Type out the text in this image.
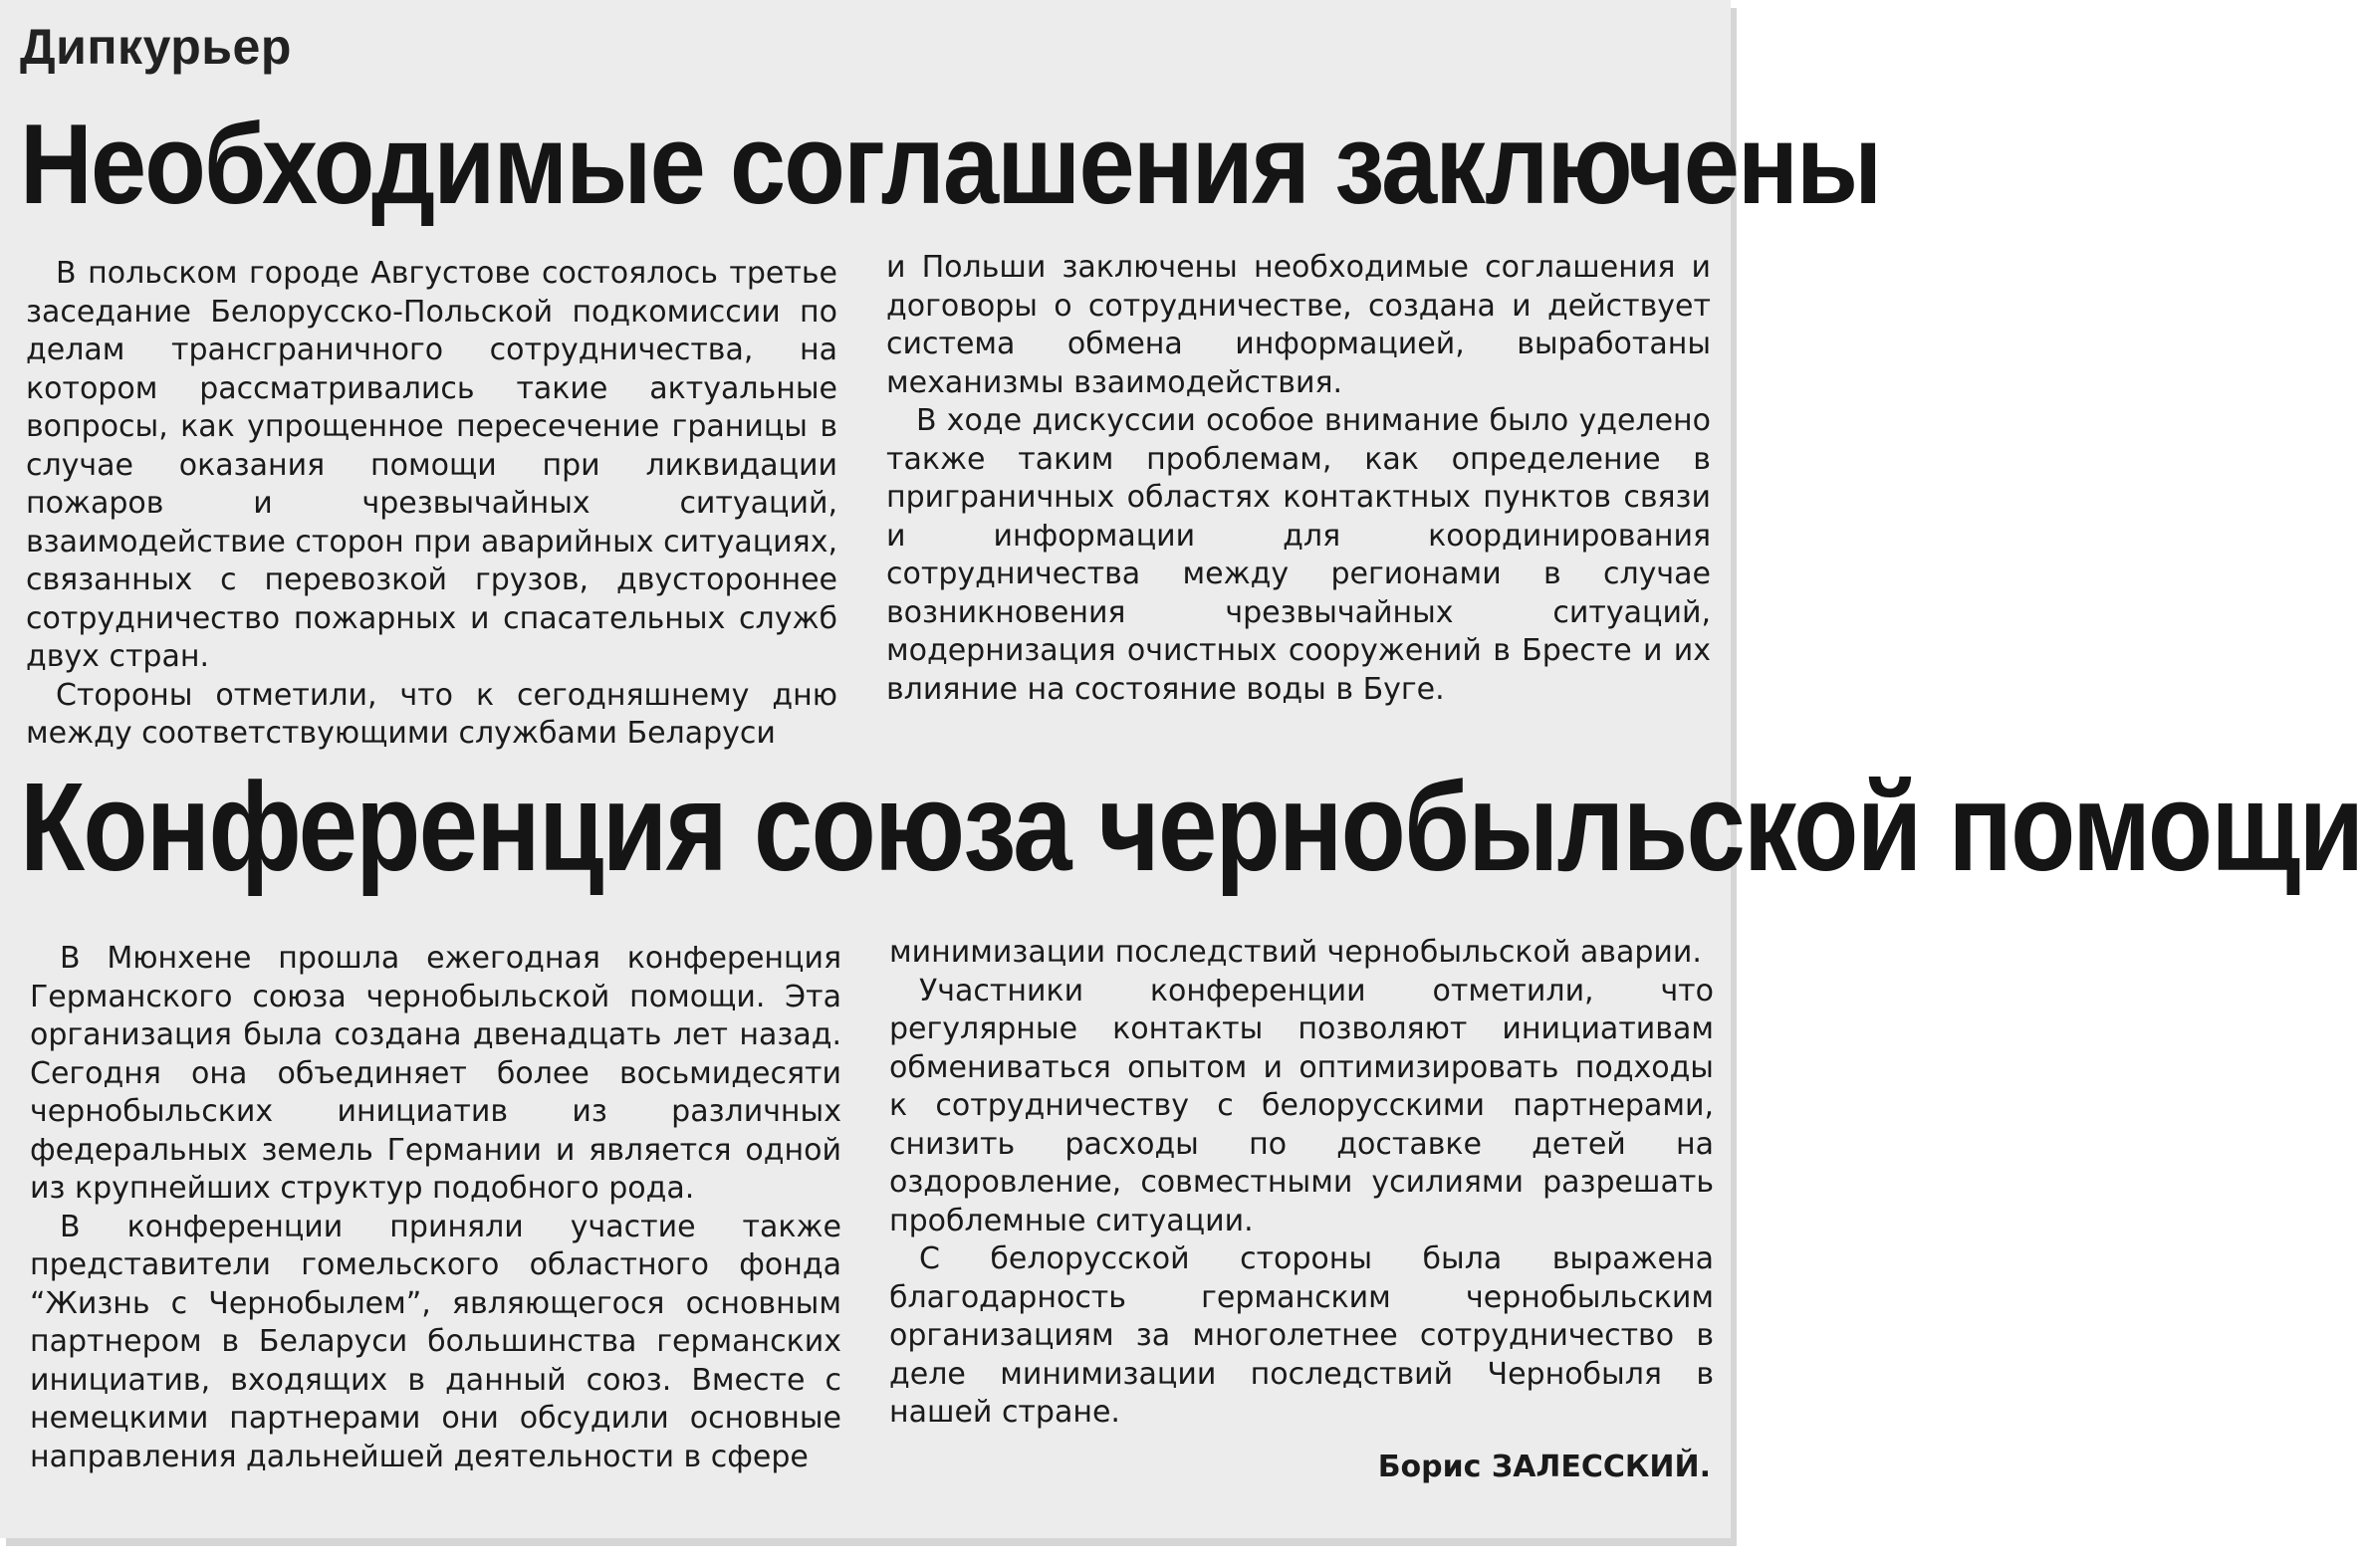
Дипкурьер
Необходимые соглашения заключены

В польском городе Августове состоялось третье заседание Белорусско-Польской подкомиссии по делам трансграничного сотрудничества, на котором рассматривались такие актуальные вопросы, как упрощенное пересечение границы в случае оказания помощи при ликвидации пожаров и чрезвычайных ситуаций, взаимодействие сторон при аварийных ситуациях, связанных с перевозкой грузов, двустороннее сотрудничество пожарных и спасательных служб двух стран.

Стороны отметили, что к сегодняшнему дню между соответствующими службами Беларуси

и Польши заключены необходимые соглашения и договоры о сотрудничестве, создана и действует система обмена информацией, выработаны механизмы взаимодействия.

В ходе дискуссии особое внимание было уделено также таким проблемам, как определение в приграничных областях контактных пунктов связи и информации для координирования сотрудничества между регионами в случае возникновения чрезвычайных ситуаций, модернизация очистных сооружений в Бресте и их влияние на состояние воды в Буге.

Конференция союза чернобыльской помощи

В Мюнхене прошла ежегодная конференция Германского союза чернобыльской помощи. Эта организация была создана двенадцать лет назад. Сегодня она объединяет более восьмидесяти чернобыльских инициатив из различных федеральных земель Германии и является одной из крупнейших структур подобного рода.

В конференции приняли участие также представители гомельского областного фонда “Жизнь с Чернобылем”, являющегося основным партнером в Беларуси большинства германских инициатив, входящих в данный союз. Вместе с немецкими партнерами они обсудили основные направления дальнейшей деятельности в сфере

минимизации последствий чернобыльской аварии.

Участники конференции отметили, что регулярные контакты позволяют инициативам обмениваться опытом и оптимизировать подходы к сотрудничеству с белорусскими партнерами, снизить расходы по доставке детей на оздоровление, совместными усилиями разрешать проблемные ситуации.

С белорусской стороны была выражена благодарность германским чернобыльским организациям за многолетнее сотрудничество в деле минимизации последствий Чернобыля в нашей стране.

Борис ЗАЛЕССКИЙ.
